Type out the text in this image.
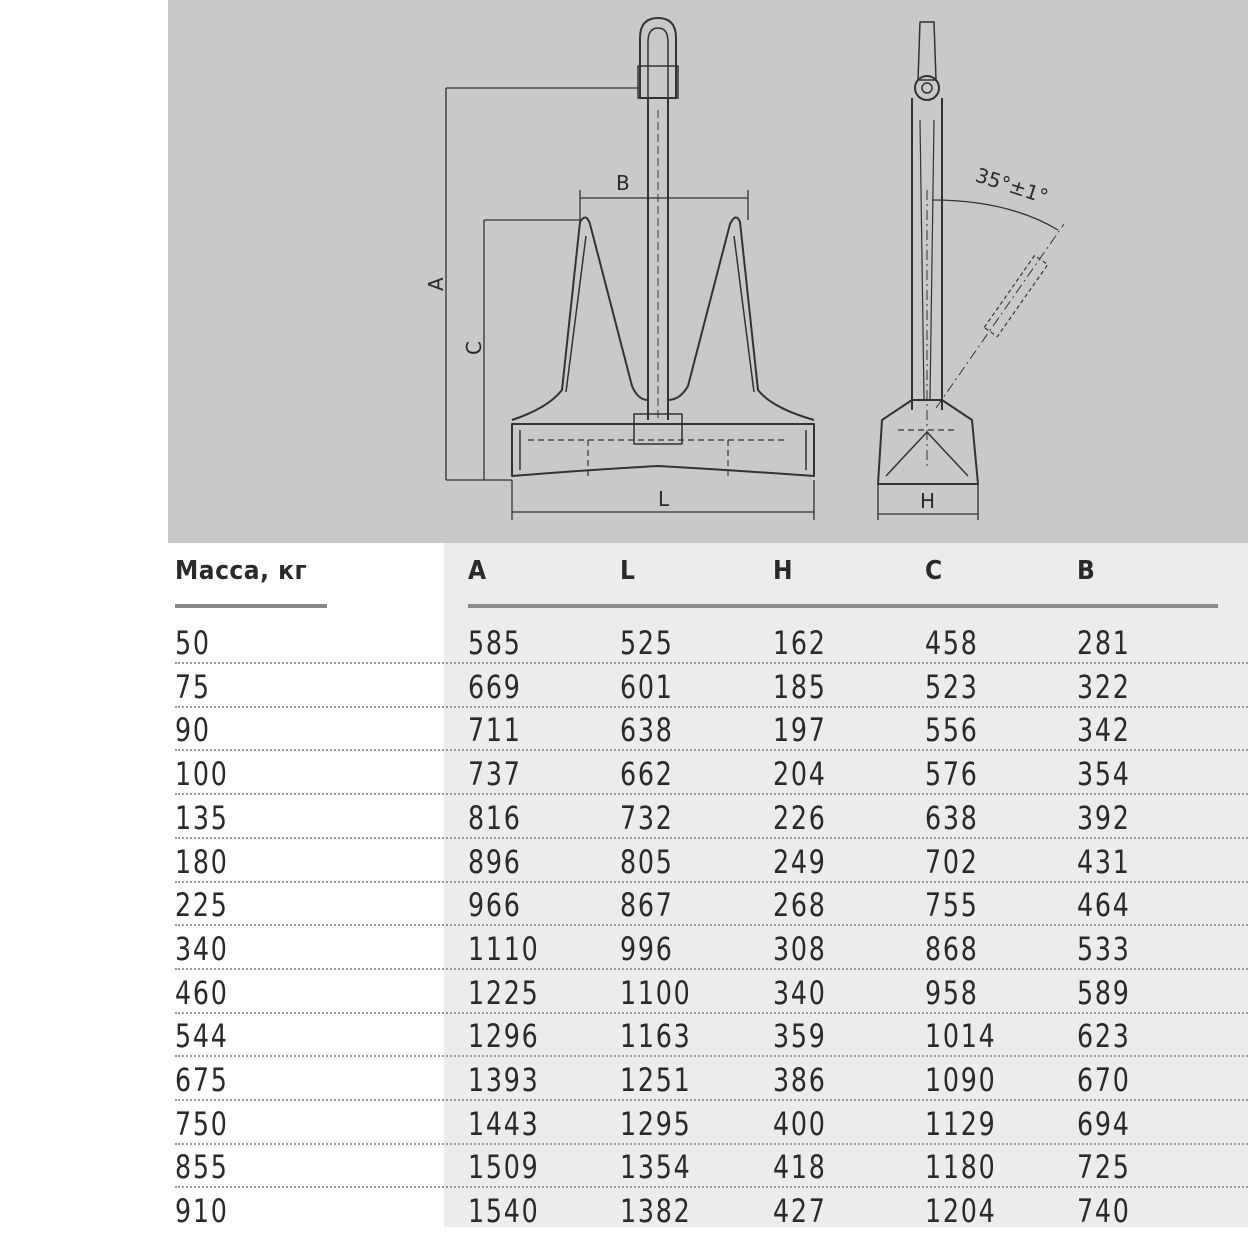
B
A
C
L	H
35°±1°
Масса, кг	A	L	H	C	B
50	585	525	162	458	281
75	669	601	185	523	322
90	711	638	197	556	342
100	737	662	204	576	354
135	816	732	226	638	392
180	896	805	249	702	431
225	966	867	268	755	464
340	1110	996	308	868	533
460	1225	1100	340	958	589
544	1296	1163	359	1014	623
675	1393	1251	386	1090	670
750	1443	1295	400	1129	694
855	1509	1354	418	1180	725
910	1540	1382	427	1204	740
